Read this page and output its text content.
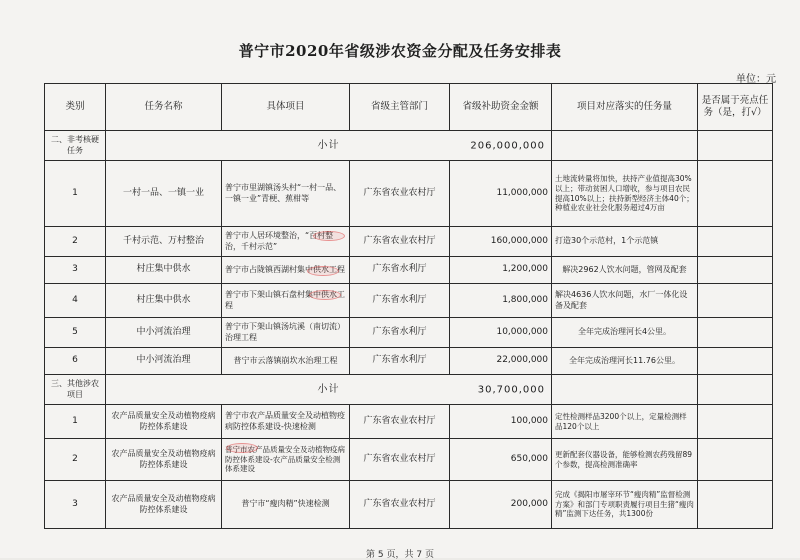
普宁市2020年省级涉农资金分配及任务安排表
单位：元
类别	任务名称	具体项目	省级主管部门	省级补助资金金额	项目对应落实的任务量	是否属于亮点任务（是，打√）
二、非考核硬任务	小计 206,000,000					

1	一村一品、一镇一业	普宁市里湖镇汤头村“一村一品、一镇一业”青梗、蕉柑等	广东省农业农村厅	11,000,000	土地流转量将加快，扶持产业值提高30%以上；带动贫困人口增收，参与项目农民提高10%以上；扶持新型经济主体40个；种植业农业社会化服务超过4万亩	
2	千村示范、万村整治	普宁市人居环境整治，“百村整治，千村示范”	广东省农业农村厅	160,000,000	打造30个示范村，1个示范镇	
3	村庄集中供水	普宁市占陇镇西湖村集中供水工程	广东省水利厅	1,200,000	解决2962人饮水问题，管网及配套	
4	村庄集中供水	普宁市下架山镇石盘村集中供水工程	广东省水利厅	1,800,000	解决4636人饮水问题，水厂一体化设备及配套	
5	中小河流治理	普宁市下架山镇汤坑溪（南切流）治理工程	广东省水利厅	10,000,000	全年完成治理河长4公里。	
6	中小河流治理	普宁市云落镇崩坎水治理工程	广东省水利厅	22,000,000	全年完成治理河长11.76公里。	
三、其他涉农项目	小计 30,700,000					

1	农产品质量安全及动植物疫病防控体系建设	普宁市农产品质量安全及动植物疫病防控体系建设-快速检测	广东省农业农村厅	100,000	定性检测样品3200个以上，定量检测样品120个以上	
2	农产品质量安全及动植物疫病防控体系建设	普宁市农产品质量安全及动植物疫病防控体系建设-农产品质量安全检测体系建设	广东省农业农村厅	650,000	更新配套仪器设备，能够检测农药残留89个参数，提高检测准确率	
3	农产品质量安全及动植物疫病防控体系建设	普宁市“瘦肉精”快速检测	广东省农业农村厅	200,000	完成《揭阳市屠宰环节“瘦肉精”监督检测方案》和部门专项职责履行项目生猪“瘦肉精”监测下达任务，共1300份	
第 5 页，共 7 页
